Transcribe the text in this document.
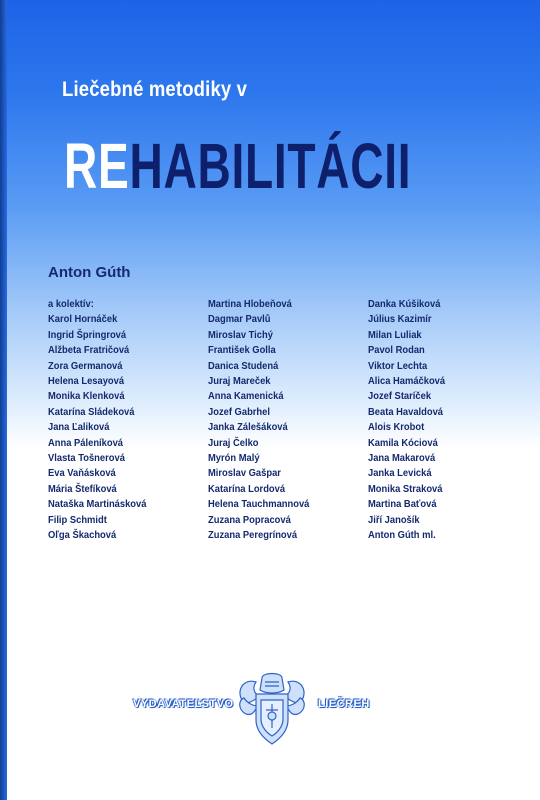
Liečebné metodiky v
REHABILITÁCII
Anton Gúth
a kolektív:
Karol Hornáček
Ingrid Špringrová
Alžbeta Fratričová
Zora Germanová
Helena Lesayová
Monika Klenková
Katarína Sládeková
Jana Ľaliková
Anna Páleníková
Vlasta Tošnerová
Eva Vaňásková
Mária Štefíková
Nataška Martinásková
Filip Schmidt
Oľga Škachová
Martina Hlobeňová
Dagmar Pavlů
Miroslav Tichý
František Golla
Danica Studená
Juraj Mareček
Anna Kamenická
Jozef Gabrhel
Janka Zálešáková
Juraj Čelko
Myrón Malý
Miroslav Gašpar
Katarína Lordová
Helena Tauchmannová
Zuzana Popracová
Zuzana Peregrínová
Danka Kúšiková
Július Kazimír
Milan Luliak
Pavol Rodan
Viktor Lechta
Alica Hamáčková
Jozef Staríček
Beata Havaldová
Alois Krobot
Kamila Kóciová
Jana Makarová
Janka Levická
Monika Straková
Martina Baťová
Jiří Janošík
Anton Gúth ml.
VYDAVATEĽSTVO	LIEČREH
